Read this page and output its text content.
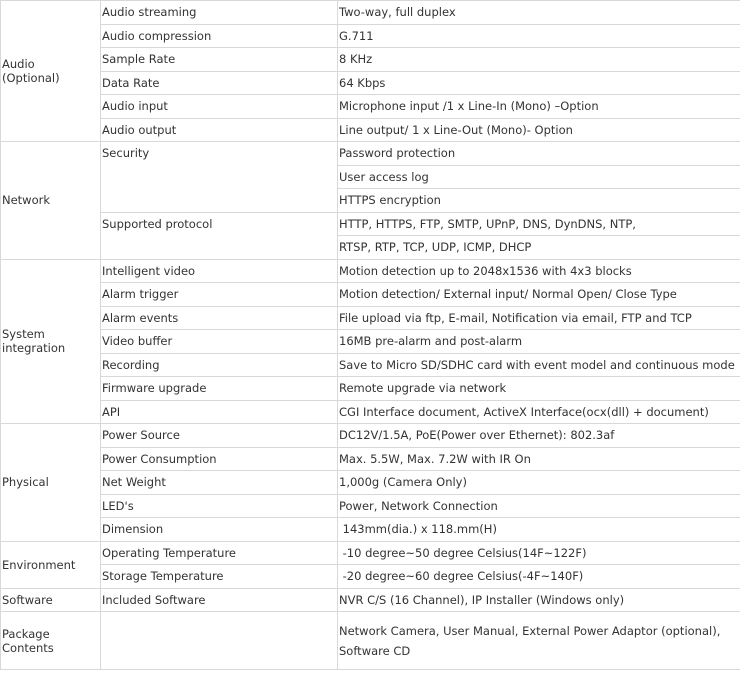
Audio
(Optional)	Audio streaming	Two-way, full duplex
	Audio compression	G.711
	Sample Rate	8 KHz
	Data Rate	64 Kbps
	Audio input	Microphone input /1 x Line-In (Mono) –Option
	Audio output	Line output/ 1 x Line-Out (Mono)- Option
Network	Security	Password protection
		User access log
		HTTPS encryption
	Supported protocol	HTTP, HTTPS, FTP, SMTP, UPnP, DNS, DynDNS, NTP,
		RTSP, RTP, TCP, UDP, ICMP, DHCP
System
integration	Intelligent video	Motion detection up to 2048x1536 with 4x3 blocks
	Alarm trigger	Motion detection/ External input/ Normal Open/ Close Type
	Alarm events	File upload via ftp, E-mail, Notification via email, FTP and TCP
	Video buffer	16MB pre-alarm and post-alarm
	Recording	Save to Micro SD/SDHC card with event model and continuous mode
	Firmware upgrade	Remote upgrade via network
	API	CGI Interface document, ActiveX Interface(ocx(dll) + document)
Physical	Power Source	DC12V/1.5A, PoE(Power over Ethernet): 802.3af
	Power Consumption	Max. 5.5W, Max. 7.2W with IR On
	Net Weight	1,000g (Camera Only)
	LED's	Power, Network Connection
	Dimension	143mm(dia.) x 118.mm(H)
Environment	Operating Temperature	-10 degree~50 degree Celsius(14F~122F)
	Storage Temperature	-20 degree~60 degree Celsius(-4F~140F)
Software	Included Software	NVR C/S (16 Channel), IP Installer (Windows only)
Package Contents		Network Camera, User Manual, External Power Adaptor (optional), Software CD
